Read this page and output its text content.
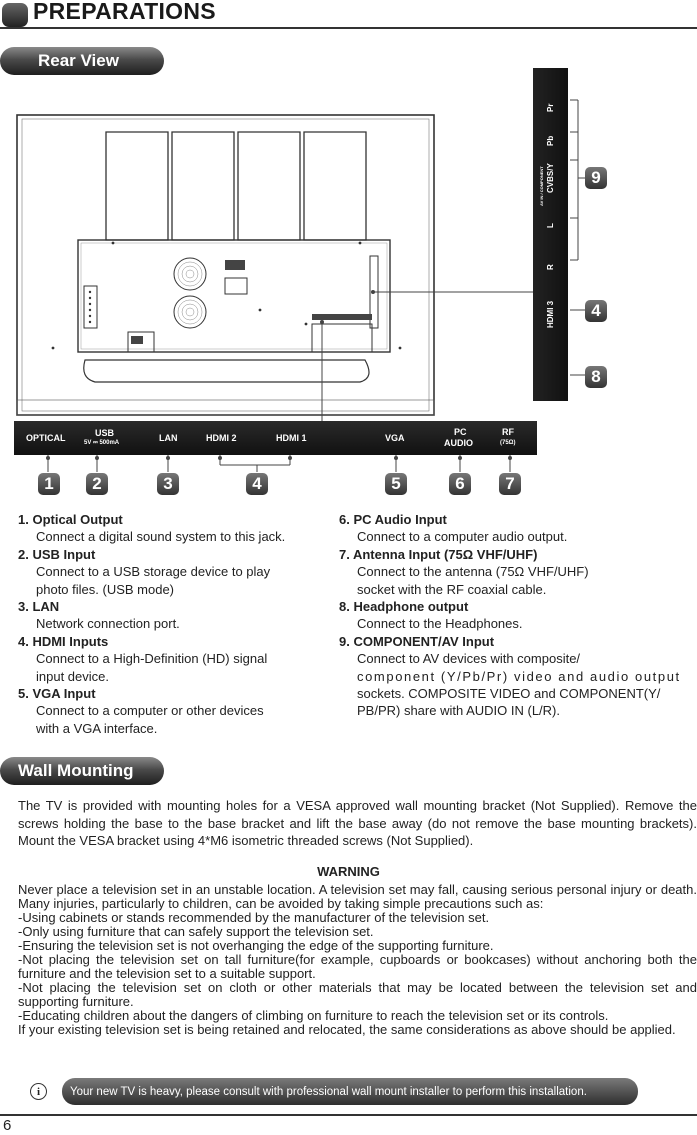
PREPARATIONS
Rear View
Pr
Pb
CVBS/Y
AV IN / COMPONENT
L
R
HDMI 3
OPTICAL	USB
5V ⎓ 500mA	LAN	HDMI 2	HDMI 1	VGA
PC
AUDIO
RF
(75Ω)
1	2	3	4	5	6	7
9
4
8
1. Optical Output
Connect a digital sound system to this jack.
2. USB Input
Connect to a USB storage device to play
photo files. (USB mode)
3. LAN
Network connection port.
4. HDMI Inputs
Connect to a High-Definition (HD) signal
input device.
5. VGA Input
Connect to a computer or other devices
with a VGA interface.
6. PC Audio Input
Connect to a computer audio output.
7. Antenna Input (75Ω VHF/UHF)
Connect to the antenna (75Ω VHF/UHF)
socket with the RF coaxial cable.
8. Headphone output
Connect to the Headphones.
9. COMPONENT/AV Input
Connect to AV devices with composite/
component (Y/Pb/Pr) video and audio output
sockets. COMPOSITE VIDEO and COMPONENT(Y/
PB/PR) share with AUDIO IN (L/R).
Wall Mounting
The TV is provided with mounting holes for a VESA approved wall mounting bracket (Not Supplied). Remove the screws holding the base to the base bracket and lift the base away (do not remove the base mounting brackets). Mount the VESA bracket using 4*M6 isometric threaded screws (Not Supplied).
WARNING
Never place a television set in an unstable location. A television set may fall, causing serious personal injury or death. Many injuries, particularly to children, can be avoided by taking simple precautions such as:
-Using cabinets or stands recommended by the manufacturer of the television set.
-Only using furniture that can safely support the television set.
-Ensuring the television set is not overhanging the edge of the supporting furniture.
-Not placing the television set on tall furniture(for example, cupboards or bookcases) without anchoring both the furniture and the television set to a suitable support.
-Not placing the television set on cloth or other materials that may be located between the television set and supporting furniture.
-Educating children about the dangers of climbing on furniture to reach the television set or its controls.
If your existing television set is being retained and relocated, the same considerations as above should be applied.
i	Your new TV is heavy, please consult with professional wall mount installer to perform this installation.
6
